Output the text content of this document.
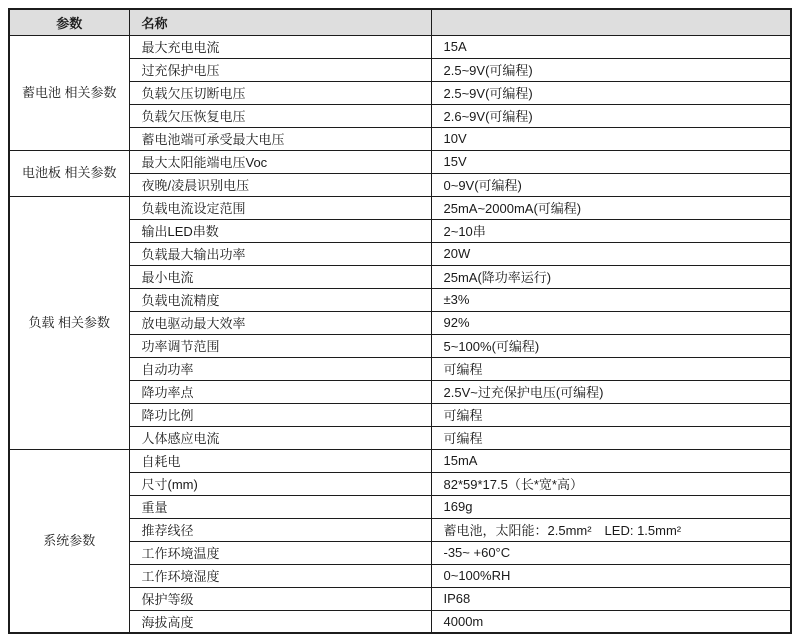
参数	名称	
蓄电池 相关参数	最大充电电流	15A
	过充保护电压	2.5~9V(可编程)
	负载欠压切断电压	2.5~9V(可编程)
	负载欠压恢复电压	2.6~9V(可编程)
	蓄电池端可承受最大电压	10V
电池板 相关参数	最大太阳能端电压Voc	15V
	夜晚/凌晨识别电压	0~9V(可编程)
负载 相关参数	负载电流设定范围	25mA~2000mA(可编程)
	输出LED串数	2~10串
	负载最大输出功率	20W
	最小电流	25mA(降功率运行)
	负载电流精度	±3%
	放电驱动最大效率	92%
	功率调节范围	5~100%(可编程)
	自动功率	可编程
	降功率点	2.5V~过充保护电压(可编程)
	降功比例	可编程
	人体感应电流	可编程
系统参数	自耗电	15mA
	尺寸(mm)	82*59*17.5（长*宽*高）
	重量	169g
	推荐线径	蓄电池，太阳能：2.5mm²　LED: 1.5mm²
	工作环境温度	-35~ +60°C
	工作环境湿度	0~100%RH
	保护等级	IP68
	海拔高度	4000m
